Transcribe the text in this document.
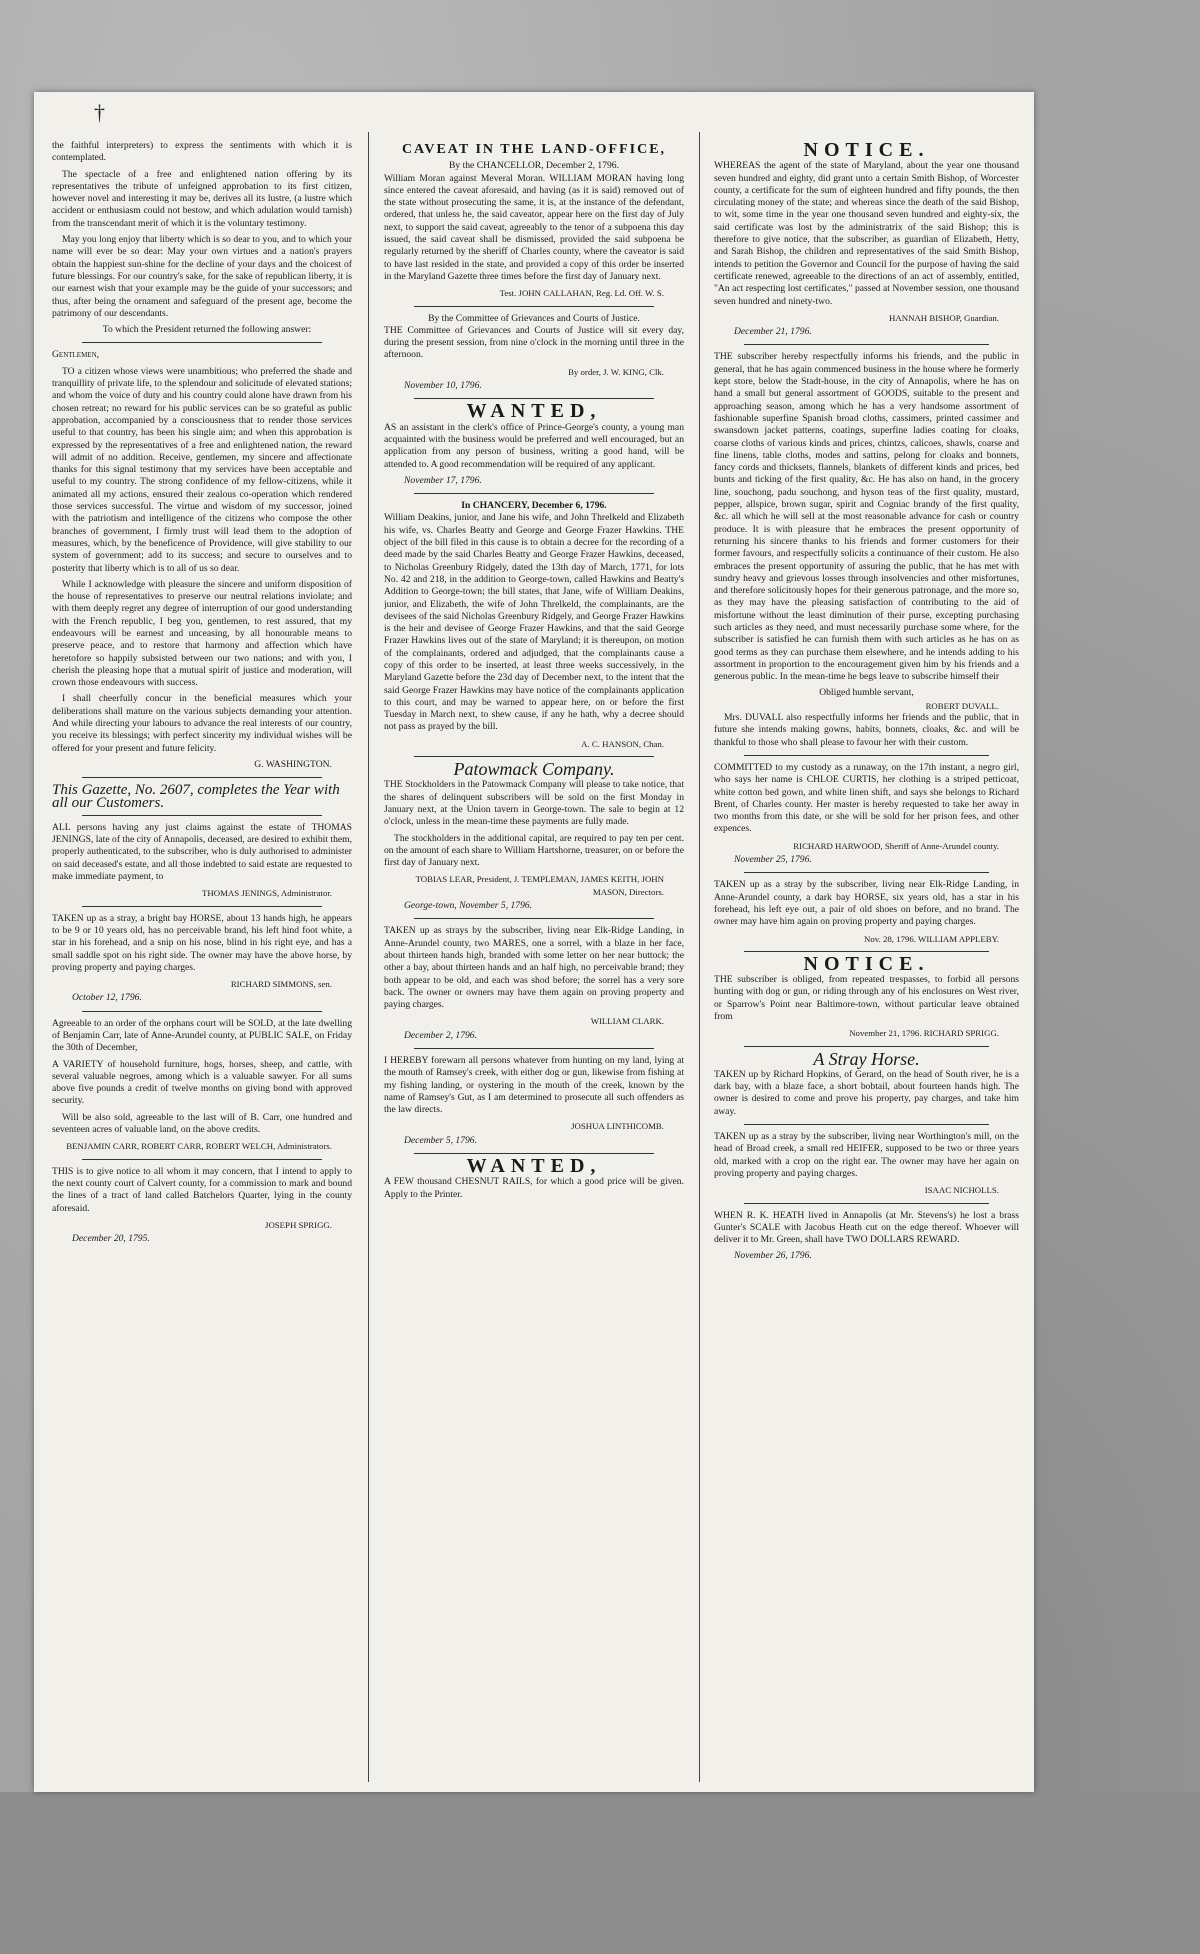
†

the faithful interpreters) to express the sentiments with which it is contemplated.

The spectacle of a free and enlightened nation offering by its representatives the tribute of unfeigned approbation to its first citizen, however novel and interesting it may be, derives all its lustre, (a lustre which accident or enthusiasm could not bestow, and which adulation would tarnish) from the transcendant merit of which it is the voluntary testimony.

May you long enjoy that liberty which is so dear to you, and to which your name will ever be so dear: May your own virtues and a nation's prayers obtain the happiest sun-shine for the decline of your days and the choicest of future blessings. For our country's sake, for the sake of republican liberty, it is our earnest wish that your example may be the guide of your successors; and thus, after being the ornament and safeguard of the present age, become the patrimony of our descendants.

To which the President returned the following answer:

Gentlemen,

TO a citizen whose views were unambitious; who preferred the shade and tranquillity of private life, to the splendour and solicitude of elevated stations; and whom the voice of duty and his country could alone have drawn from his chosen retreat; no reward for his public services can be so grateful as public approbation, accompanied by a consciousness that to render those services useful to that country, has been his single aim; and when this approbation is expressed by the representatives of a free and enlightened nation, the reward will admit of no addition. Receive, gentlemen, my sincere and affectionate thanks for this signal testimony that my services have been acceptable and useful to my country. The strong confidence of my fellow-citizens, while it animated all my actions, ensured their zealous co-operation which rendered those services successful. The virtue and wisdom of my successor, joined with the patriotism and intelligence of the citizens who compose the other branches of government, I firmly trust will lead them to the adoption of measures, which, by the beneficence of Providence, will give stability to our system of government; add to its success; and secure to ourselves and to posterity that liberty which is to all of us so dear.

While I acknowledge with pleasure the sincere and uniform disposition of the house of representatives to preserve our neutral relations inviolate; and with them deeply regret any degree of interruption of our good understanding with the French republic, I beg you, gentlemen, to rest assured, that my endeavours will be earnest and unceasing, by all honourable means to preserve peace, and to restore that harmony and affection which have heretofore so happily subsisted between our two nations; and with you, I cherish the pleasing hope that a mutual spirit of justice and moderation, will crown those endeavours with success.

I shall cheerfully concur in the beneficial measures which your deliberations shall mature on the various subjects demanding your attention. And while directing your labours to advance the real interests of our country, you receive its blessings; with perfect sincerity my individual wishes will be offered for your present and future felicity.

G. WASHINGTON.
This Gazette, No. 2607, completes the Year with all our Customers.

ALL persons having any just claims against the estate of THOMAS JENINGS, late of the city of Annapolis, deceased, are desired to exhibit them, properly authenticated, to the subscriber, who is duly authorised to administer on said deceased's estate, and all those indebted to said estate are requested to make immediate payment, to

THOMAS JENINGS, Administrator.

TAKEN up as a stray, a bright bay HORSE, about 13 hands high, he appears to be 9 or 10 years old, has no perceivable brand, his left hind foot white, a star in his forehead, and a snip on his nose, blind in his right eye, and has a small saddle spot on his right side. The owner may have the above horse, by proving property and paying charges.

RICHARD SIMMONS, sen.
October 12, 1796.

Agreeable to an order of the orphans court will be SOLD, at the late dwelling of Benjamin Carr, late of Anne-Arundel county, at PUBLIC SALE, on Friday the 30th of December,

A VARIETY of household furniture, hogs, horses, sheep, and cattle, with several valuable negroes, among which is a valuable sawyer. For all sums above five pounds a credit of twelve months on giving bond with approved security.

Will be also sold, agreeable to the last will of B. Carr, one hundred and seventeen acres of valuable land, on the above credits.

BENJAMIN CARR, ROBERT CARR, ROBERT WELCH, Administrators.

THIS is to give notice to all whom it may concern, that I intend to apply to the next county court of Calvert county, for a commission to mark and bound the lines of a tract of land called Batchelors Quarter, lying in the county aforesaid.

JOSEPH SPRIGG.
December 20, 1795.
CAVEAT IN THE LAND-OFFICE,
By the CHANCELLOR, December 2, 1796.

William Moran against Meveral Moran. WILLIAM MORAN having long since entered the caveat aforesaid, and having (as it is said) removed out of the state without prosecuting the same, it is, at the instance of the defendant, ordered, that unless he, the said caveator, appear here on the first day of July next, to support the said caveat, agreeably to the tenor of a subpoena this day issued, the said caveat shall be dismissed, provided the said subpoena be regularly returned by the sheriff of Charles county, where the caveator is said to have last resided in the state, and provided a copy of this order be inserted in the Maryland Gazette three times before the first day of January next.

Test. JOHN CALLAHAN, Reg. Ld. Off. W. S.
By the Committee of Grievances and Courts of Justice.

THE Committee of Grievances and Courts of Justice will sit every day, during the present session, from nine o'clock in the morning until three in the afternoon.

By order, J. W. KING, Clk.
November 10, 1796.
WANTED,

AS an assistant in the clerk's office of Prince-George's county, a young man acquainted with the business would be preferred and well encouraged, but an application from any person of business, writing a good hand, will be attended to. A good recommendation will be required of any applicant.

November 17, 1796.
In CHANCERY, December 6, 1796.

William Deakins, junior, and Jane his wife, and John Threlkeld and Elizabeth his wife, vs. Charles Beatty and George and George Frazer Hawkins. THE object of the bill filed in this cause is to obtain a decree for the recording of a deed made by the said Charles Beatty and George Frazer Hawkins, deceased, to Nicholas Greenbury Ridgely, dated the 13th day of March, 1771, for lots No. 42 and 218, in the addition to George-town, called Hawkins and Beatty's Addition to George-town; the bill states, that Jane, wife of William Deakins, junior, and Elizabeth, the wife of John Threlkeld, the complainants, are the devisees of the said Nicholas Greenbury Ridgely, and George Frazer Hawkins is the heir and devisee of George Frazer Hawkins, and that the said George Frazer Hawkins lives out of the state of Maryland; it is thereupon, on motion of the complainants, ordered and adjudged, that the complainants cause a copy of this order to be inserted, at least three weeks successively, in the Maryland Gazette before the 23d day of December next, to the intent that the said George Frazer Hawkins may have notice of the complainants application to this court, and may be warned to appear here, on or before the first Tuesday in March next, to shew cause, if any he hath, why a decree should not pass as prayed by the bill.

A. C. HANSON, Chan.
Patowmack Company.

THE Stockholders in the Patowmack Company will please to take notice, that the shares of delinquent subscribers will be sold on the first Monday in January next, at the Union tavern in George-town. The sale to begin at 12 o'clock, unless in the mean-time these payments are fully made.

The stockholders in the additional capital, are required to pay ten per cent. on the amount of each share to William Hartshorne, treasurer, on or before the first day of January next.

TOBIAS LEAR, President, J. TEMPLEMAN, JAMES KEITH, JOHN MASON, Directors.
George-town, November 5, 1796.

TAKEN up as strays by the subscriber, living near Elk-Ridge Landing, in Anne-Arundel county, two MARES, one a sorrel, with a blaze in her face, about thirteen hands high, branded with some letter on her near buttock; the other a bay, about thirteen hands and an half high, no perceivable brand; they both appear to be old, and each was shod before; the sorrel has a very sore back. The owner or owners may have them again on proving property and paying charges.

WILLIAM CLARK.
December 2, 1796.

I HEREBY forewarn all persons whatever from hunting on my land, lying at the mouth of Ramsey's creek, with either dog or gun, likewise from fishing at my fishing landing, or oystering in the mouth of the creek, known by the name of Ramsey's Gut, as I am determined to prosecute all such offenders as the law directs.

JOSHUA LINTHICOMB.
December 5, 1796.
WANTED,

A FEW thousand CHESNUT RAILS, for which a good price will be given. Apply to the Printer.

NOTICE.

WHEREAS the agent of the state of Maryland, about the year one thousand seven hundred and eighty, did grant unto a certain Smith Bishop, of Worcester county, a certificate for the sum of eighteen hundred and fifty pounds, the then circulating money of the state; and whereas since the death of the said Bishop, to wit, some time in the year one thousand seven hundred and eighty-six, the said certificate was lost by the administratrix of the said Bishop; this is therefore to give notice, that the subscriber, as guardian of Elizabeth, Hetty, and Sarah Bishop, the children and representatives of the said Smith Bishop, intends to petition the Governor and Council for the purpose of having the said certificate renewed, agreeable to the directions of an act of assembly, entitled, "An act respecting lost certificates," passed at November session, one thousand seven hundred and ninety-two.

HANNAH BISHOP, Guardian.
December 21, 1796.

THE subscriber hereby respectfully informs his friends, and the public in general, that he has again commenced business in the house where he formerly kept store, below the Stadt-house, in the city of Annapolis, where he has on hand a small but general assortment of GOODS, suitable to the present and approaching season, among which he has a very handsome assortment of fashionable superfine Spanish broad cloths, cassimers, printed cassimer and swansdown jacket patterns, coatings, superfine ladies coating for cloaks, coarse cloths of various kinds and prices, chintzs, calicoes, shawls, coarse and fine linens, table cloths, modes and sattins, pelong for cloaks and bonnets, fancy cords and thicksets, flannels, blankets of different kinds and prices, bed bunts and ticking of the first quality, &c. He has also on hand, in the grocery line, souchong, padu souchong, and hyson teas of the first quality, mustard, pepper, allspice, brown sugar, spirit and Cogniac brandy of the first quality, &c. all which he will sell at the most reasonable advance for cash or country produce. It is with pleasure that he embraces the present opportunity of returning his sincere thanks to his friends and former customers for their former favours, and respectfully solicits a continuance of their custom. He also embraces the present opportunity of assuring the public, that he has met with sundry heavy and grievous losses through insolvencies and other misfortunes, and therefore solicitously hopes for their generous patronage, and the more so, as they may have the pleasing satisfaction of contributing to the aid of misfortune without the least diminution of their purse, excepting purchasing such articles as they need, and must necessarily purchase some where, for the subscriber is satisfied he can furnish them with such articles as he has on as good terms as they can purchase them elsewhere, and he intends adding to his assortment in proportion to the encouragement given him by his friends and a generous public. In the mean-time he begs leave to subscribe himself their

Obliged humble servant,
ROBERT DUVALL.

Mrs. DUVALL also respectfully informs her friends and the public, that in future she intends making gowns, habits, bonnets, cloaks, &c. and will be thankful to those who shall please to favour her with their custom.

COMMITTED to my custody as a runaway, on the 17th instant, a negro girl, who says her name is CHLOE CURTIS, her clothing is a striped petticoat, white cotton bed gown, and white linen shift, and says she belongs to Richard Brent, of Charles county. Her master is hereby requested to take her away in two months from this date, or she will be sold for her prison fees, and other expences.

RICHARD HARWOOD, Sheriff of Anne-Arundel county.
November 25, 1796.

TAKEN up as a stray by the subscriber, living near Elk-Ridge Landing, in Anne-Arundel county, a dark bay HORSE, six years old, has a star in his forehead, his left eye out, a pair of old shoes on before, and no brand. The owner may have him again on proving property and paying charges.

Nov. 28, 1796. WILLIAM APPLEBY.
NOTICE.

THE subscriber is obliged, from repeated trespasses, to forbid all persons hunting with dog or gun, or riding through any of his enclosures on West river, or Sparrow's Point near Baltimore-town, without particular leave obtained from

November 21, 1796. RICHARD SPRIGG.
A Stray Horse.

TAKEN up by Richard Hopkins, of Gerard, on the head of South river, he is a dark bay, with a blaze face, a short bobtail, about fourteen hands high. The owner is desired to come and prove his property, pay charges, and take him away.

TAKEN up as a stray by the subscriber, living near Worthington's mill, on the head of Broad creek, a small red HEIFER, supposed to be two or three years old, marked with a crop on the right ear. The owner may have her again on proving property and paying charges.

ISAAC NICHOLLS.

WHEN R. K. HEATH lived in Annapolis (at Mr. Stevens's) he lost a brass Gunter's SCALE with Jacobus Heath cut on the edge thereof. Whoever will deliver it to Mr. Green, shall have TWO DOLLARS REWARD.

November 26, 1796.
